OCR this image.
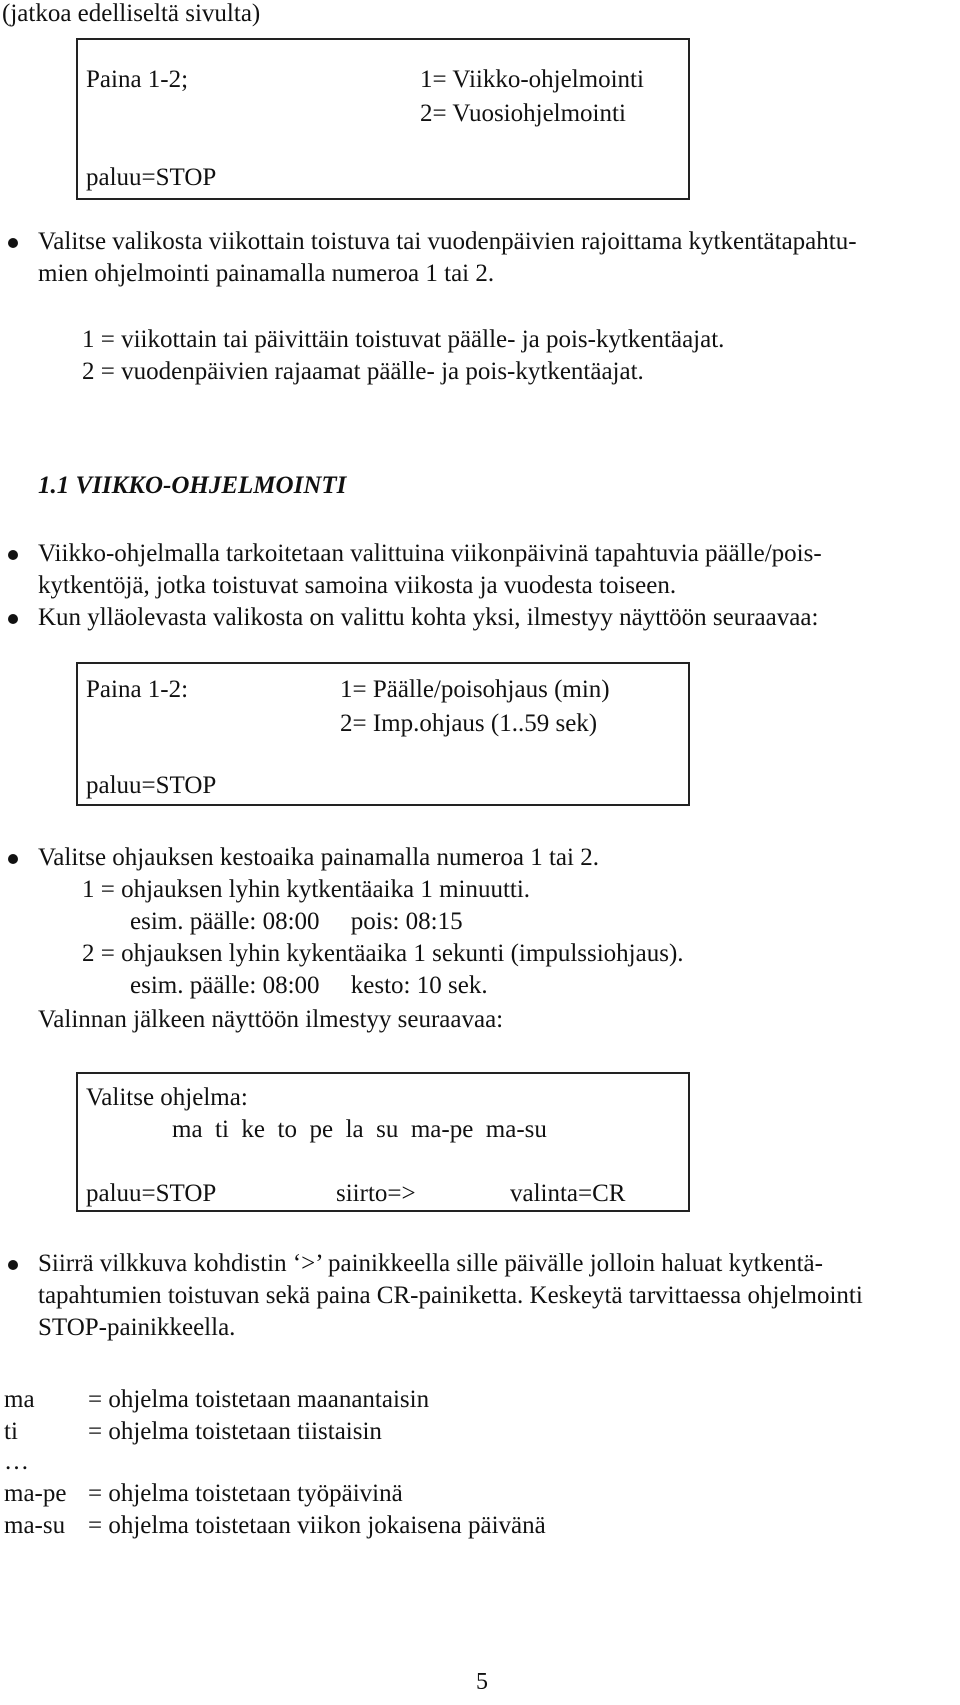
(jatkoa edelliseltä sivulta)
Paina 1-2;	1= Viikko-ohjelmointi
2= Vuosiohjelmointi
paluu=STOP
Valitse valikosta viikottain toistuva tai vuodenpäivien rajoittama kytkentätapahtu-
mien ohjelmointi painamalla numeroa 1 tai 2.
1 = viikottain tai päivittäin toistuvat päälle- ja pois-kytkentäajat.
2 = vuodenpäivien rajaamat päälle- ja pois-kytkentäajat.
1.1 VIIKKO-OHJELMOINTI
Viikko-ohjelmalla tarkoitetaan valittuina viikonpäivinä tapahtuvia päälle/pois-
kytkentöjä, jotka toistuvat samoina viikosta ja vuodesta toiseen.
Kun ylläolevasta valikosta on valittu kohta yksi, ilmestyy näyttöön seuraavaa:
Paina 1-2:	1= Päälle/poisohjaus (min)
2= Imp.ohjaus (1..59 sek)
paluu=STOP
Valitse ohjauksen kestoaika painamalla numeroa 1 tai 2.
1 = ohjauksen lyhin kytkentäaika 1 minuutti.
esim. päälle: 08:00     pois: 08:15
2 = ohjauksen lyhin kykentäaika 1 sekunti (impulssiohjaus).
esim. päälle: 08:00     kesto: 10 sek.
Valinnan jälkeen näyttöön ilmestyy seuraavaa:
Valitse ohjelma:
ma  ti  ke  to  pe  la  su  ma-pe  ma-su
paluu=STOP	siirto=>	valinta=CR
Siirrä vilkkuva kohdistin ‘>’ painikkeella sille päivälle jolloin haluat kytkentä-
tapahtumien toistuvan sekä paina CR-painiketta. Keskeytä tarvittaessa ohjelmointi
STOP-painikkeella.
ma = ohjelma toistetaan maanantaisin
ti	= ohjelma toistetaan tiistaisin
…
ma-pe = ohjelma toistetaan työpäivinä
ma-su = ohjelma toistetaan viikon jokaisena päivänä
5
